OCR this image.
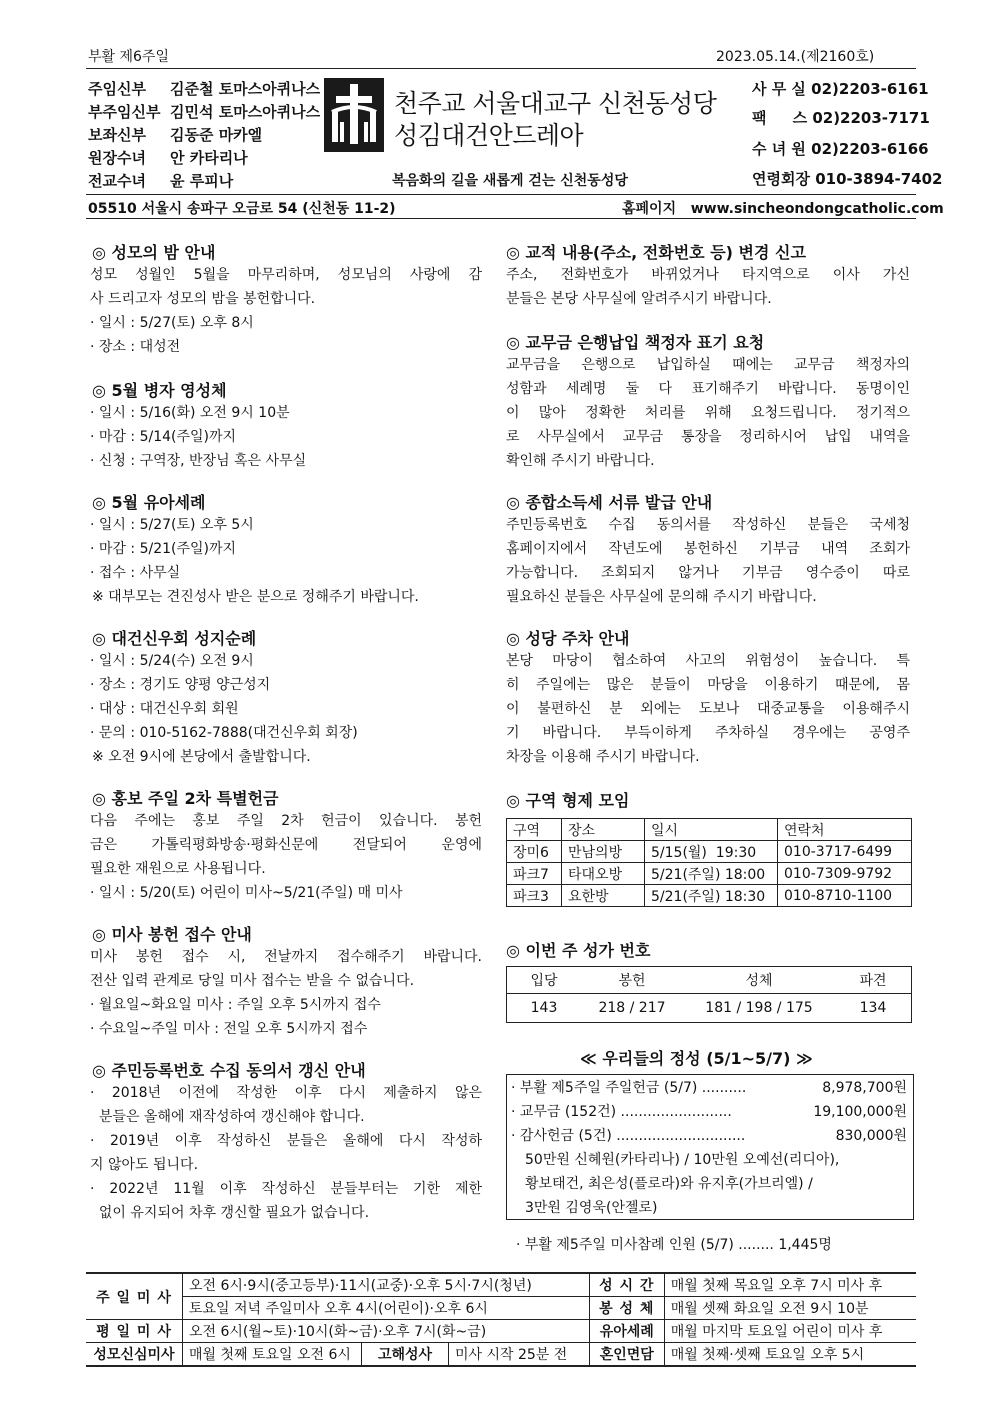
부활 제6주일	2023.05.14.(제2160호)
주임신부 김준철 토마스아퀴나스
부주임신부 김민석 토마스아퀴나스
보좌신부 김동준 마카엘
원장수녀 안 카타리나
전교수녀 윤 루피나
천주교 서울대교구 신천동성당
성김대건안드레아
복음화의 길을 새롭게 걷는 신천동성당
사 무 실 02)2203-6161
팩     스 02)2203-7171
수 녀 원 02)2203-6166
연령회장 010-3894-7402
05510 서울시 송파구 오금로 54 (신천동 11-2)	홈페이지 www.sincheondongcatholic.com
◎ 성모의 밤 안내
성모 성월인 5월을 마무리하며, 성모님의 사랑에 감
사 드리고자 성모의 밤을 봉헌합니다.
· 일시 : 5/27(토) 오후 8시
· 장소 : 대성전
◎ 5월 병자 영성체
· 일시 : 5/16(화) 오전 9시 10분
· 마감 : 5/14(주일)까지
· 신청 : 구역장, 반장님 혹은 사무실
◎ 5월 유아세례
· 일시 : 5/27(토) 오후 5시
· 마감 : 5/21(주일)까지
· 접수 : 사무실
※ 대부모는 견진성사 받은 분으로 정해주기 바랍니다.
◎ 대건신우회 성지순례
· 일시 : 5/24(수) 오전 9시
· 장소 : 경기도 양평 양근성지
· 대상 : 대건신우회 회원
· 문의 : 010-5162-7888(대건신우회 회장)
※ 오전 9시에 본당에서 출발합니다.
◎ 홍보 주일 2차 특별헌금
다음 주에는 홍보 주일 2차 헌금이 있습니다. 봉헌
금은 가톨릭평화방송·평화신문에 전달되어 운영에
필요한 재원으로 사용됩니다.
· 일시 : 5/20(토) 어린이 미사~5/21(주일) 매 미사
◎ 미사 봉헌 접수 안내
미사 봉헌 접수 시, 전날까지 접수해주기 바랍니다.
전산 입력 관계로 당일 미사 접수는 받을 수 없습니다.
· 월요일~화요일 미사 : 주일 오후 5시까지 접수
· 수요일~주일 미사 : 전일 오후 5시까지 접수
◎ 주민등록번호 수집 동의서 갱신 안내
· 2018년 이전에 작성한 이후 다시 제출하지 않은
분들은 올해에 재작성하여 갱신해야 합니다.
· 2019년 이후 작성하신 분들은 올해에 다시 작성하
지 않아도 됩니다.
· 2022년 11월 이후 작성하신 분들부터는 기한 제한
없이 유지되어 차후 갱신할 필요가 없습니다.
◎ 교적 내용(주소, 전화번호 등) 변경 신고
주소, 전화번호가 바뀌었거나 타지역으로 이사 가신
분들은 본당 사무실에 알려주시기 바랍니다.
◎ 교무금 은행납입 책정자 표기 요청
교무금을 은행으로 납입하실 때에는 교무금 책정자의
성함과 세례명 둘 다 표기해주기 바랍니다. 동명이인
이 많아 정확한 처리를 위해 요청드립니다. 정기적으
로 사무실에서 교무금 통장을 정리하시어 납입 내역을
확인해 주시기 바랍니다.
◎ 종합소득세 서류 발급 안내
주민등록번호 수집 동의서를 작성하신 분들은 국세청
홈페이지에서 작년도에 봉헌하신 기부금 내역 조회가
가능합니다. 조회되지 않거나 기부금 영수증이 따로
필요하신 분들은 사무실에 문의해 주시기 바랍니다.
◎ 성당 주차 안내
본당 마당이 협소하여 사고의 위험성이 높습니다. 특
히 주일에는 많은 분들이 마당을 이용하기 때문에, 몸
이 불편하신 분 외에는 도보나 대중교통을 이용해주시
기 바랍니다. 부득이하게 주차하실 경우에는 공영주
차장을 이용해 주시기 바랍니다.
◎ 구역 형제 모임
구역	장소	일시	연락처
장미6	만남의방	5/15(월)  19:30	010-3717-6499
파크7	타대오방	5/21(주일) 18:00	010-7309-9792
파크3	요한방	5/21(주일) 18:30	010-8710-1100
◎ 이번 주 성가 번호
입당	봉헌	성체	파견
143	218 / 217	181 / 198 / 175	134
≪ 우리들의 정성 (5/1~5/7) ≫
· 부활 제5주일 주일헌금 (5/7) ..........	8,978,700원
· 교무금 (152건) .........................	19,100,000원
· 감사헌금 (5건) .............................	830,000원
50만원 신혜원(카타리나) / 10만원 오예선(리디아),
황보태건, 최은성(플로라)와 유지후(가브리엘) /
3만원 김영욱(안젤로)
· 부활 제5주일 미사참례 인원 (5/7) ........ 1,445명
주 일 미 사	오전 6시·9시(중고등부)·11시(교중)·오후 5시·7시(청년)			성 시 간	매월 첫째 목요일 오후 7시 미사 후
	토요일 저녁 주일미사 오후 4시(어린이)·오후 6시			봉 성 체	매월 셋째 화요일 오전 9시 10분
평 일 미 사	오전 6시(월~토)·10시(화~금)·오후 7시(화~금)			유아세례	매월 마지막 토요일 어린이 미사 후
성모신심미사	매월 첫째 토요일 오전 6시	고해성사	미사 시작 25분 전	혼인면담	매월 첫째·셋째 토요일 오후 5시
